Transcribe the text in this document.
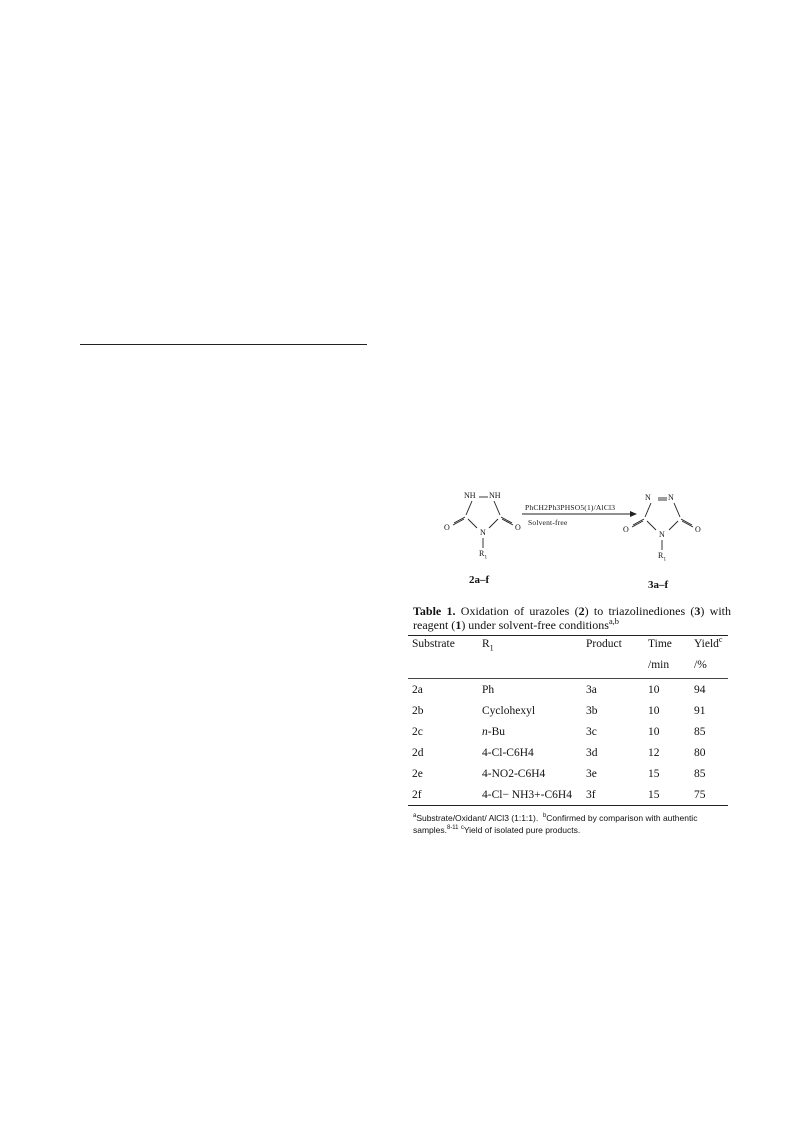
NH NH
O	O
N
$R_1$
PhCH2Ph3PHSO5(1)/AlCl3
Solvent-free
N N
O	O
N
$R_1$
2a–f	3a–f
Table 1. Oxidation of urazoles (2) to triazolinediones (3) with reagent (1) under solvent-free conditions$^{a,b}$
Substrate	$R_1$	Product	Time	Yield$^c$
			/min	/%
2a	Ph	3a	10	94
2b	Cyclohexyl	3b	10	91
2c	n-Bu	3c	10	85
2d	4-Cl-C6H4	3d	12	80
2e	4-NO2-C6H4	3e	15	85
2f	4-Cl− NH3+-C6H4	3f	15	75
$^a$Substrate/Oxidant/ AlCl3 (1:1:1). $^b$Confirmed by comparison with authentic samples.$^{8-11}$ $^c$Yield of isolated pure products.
